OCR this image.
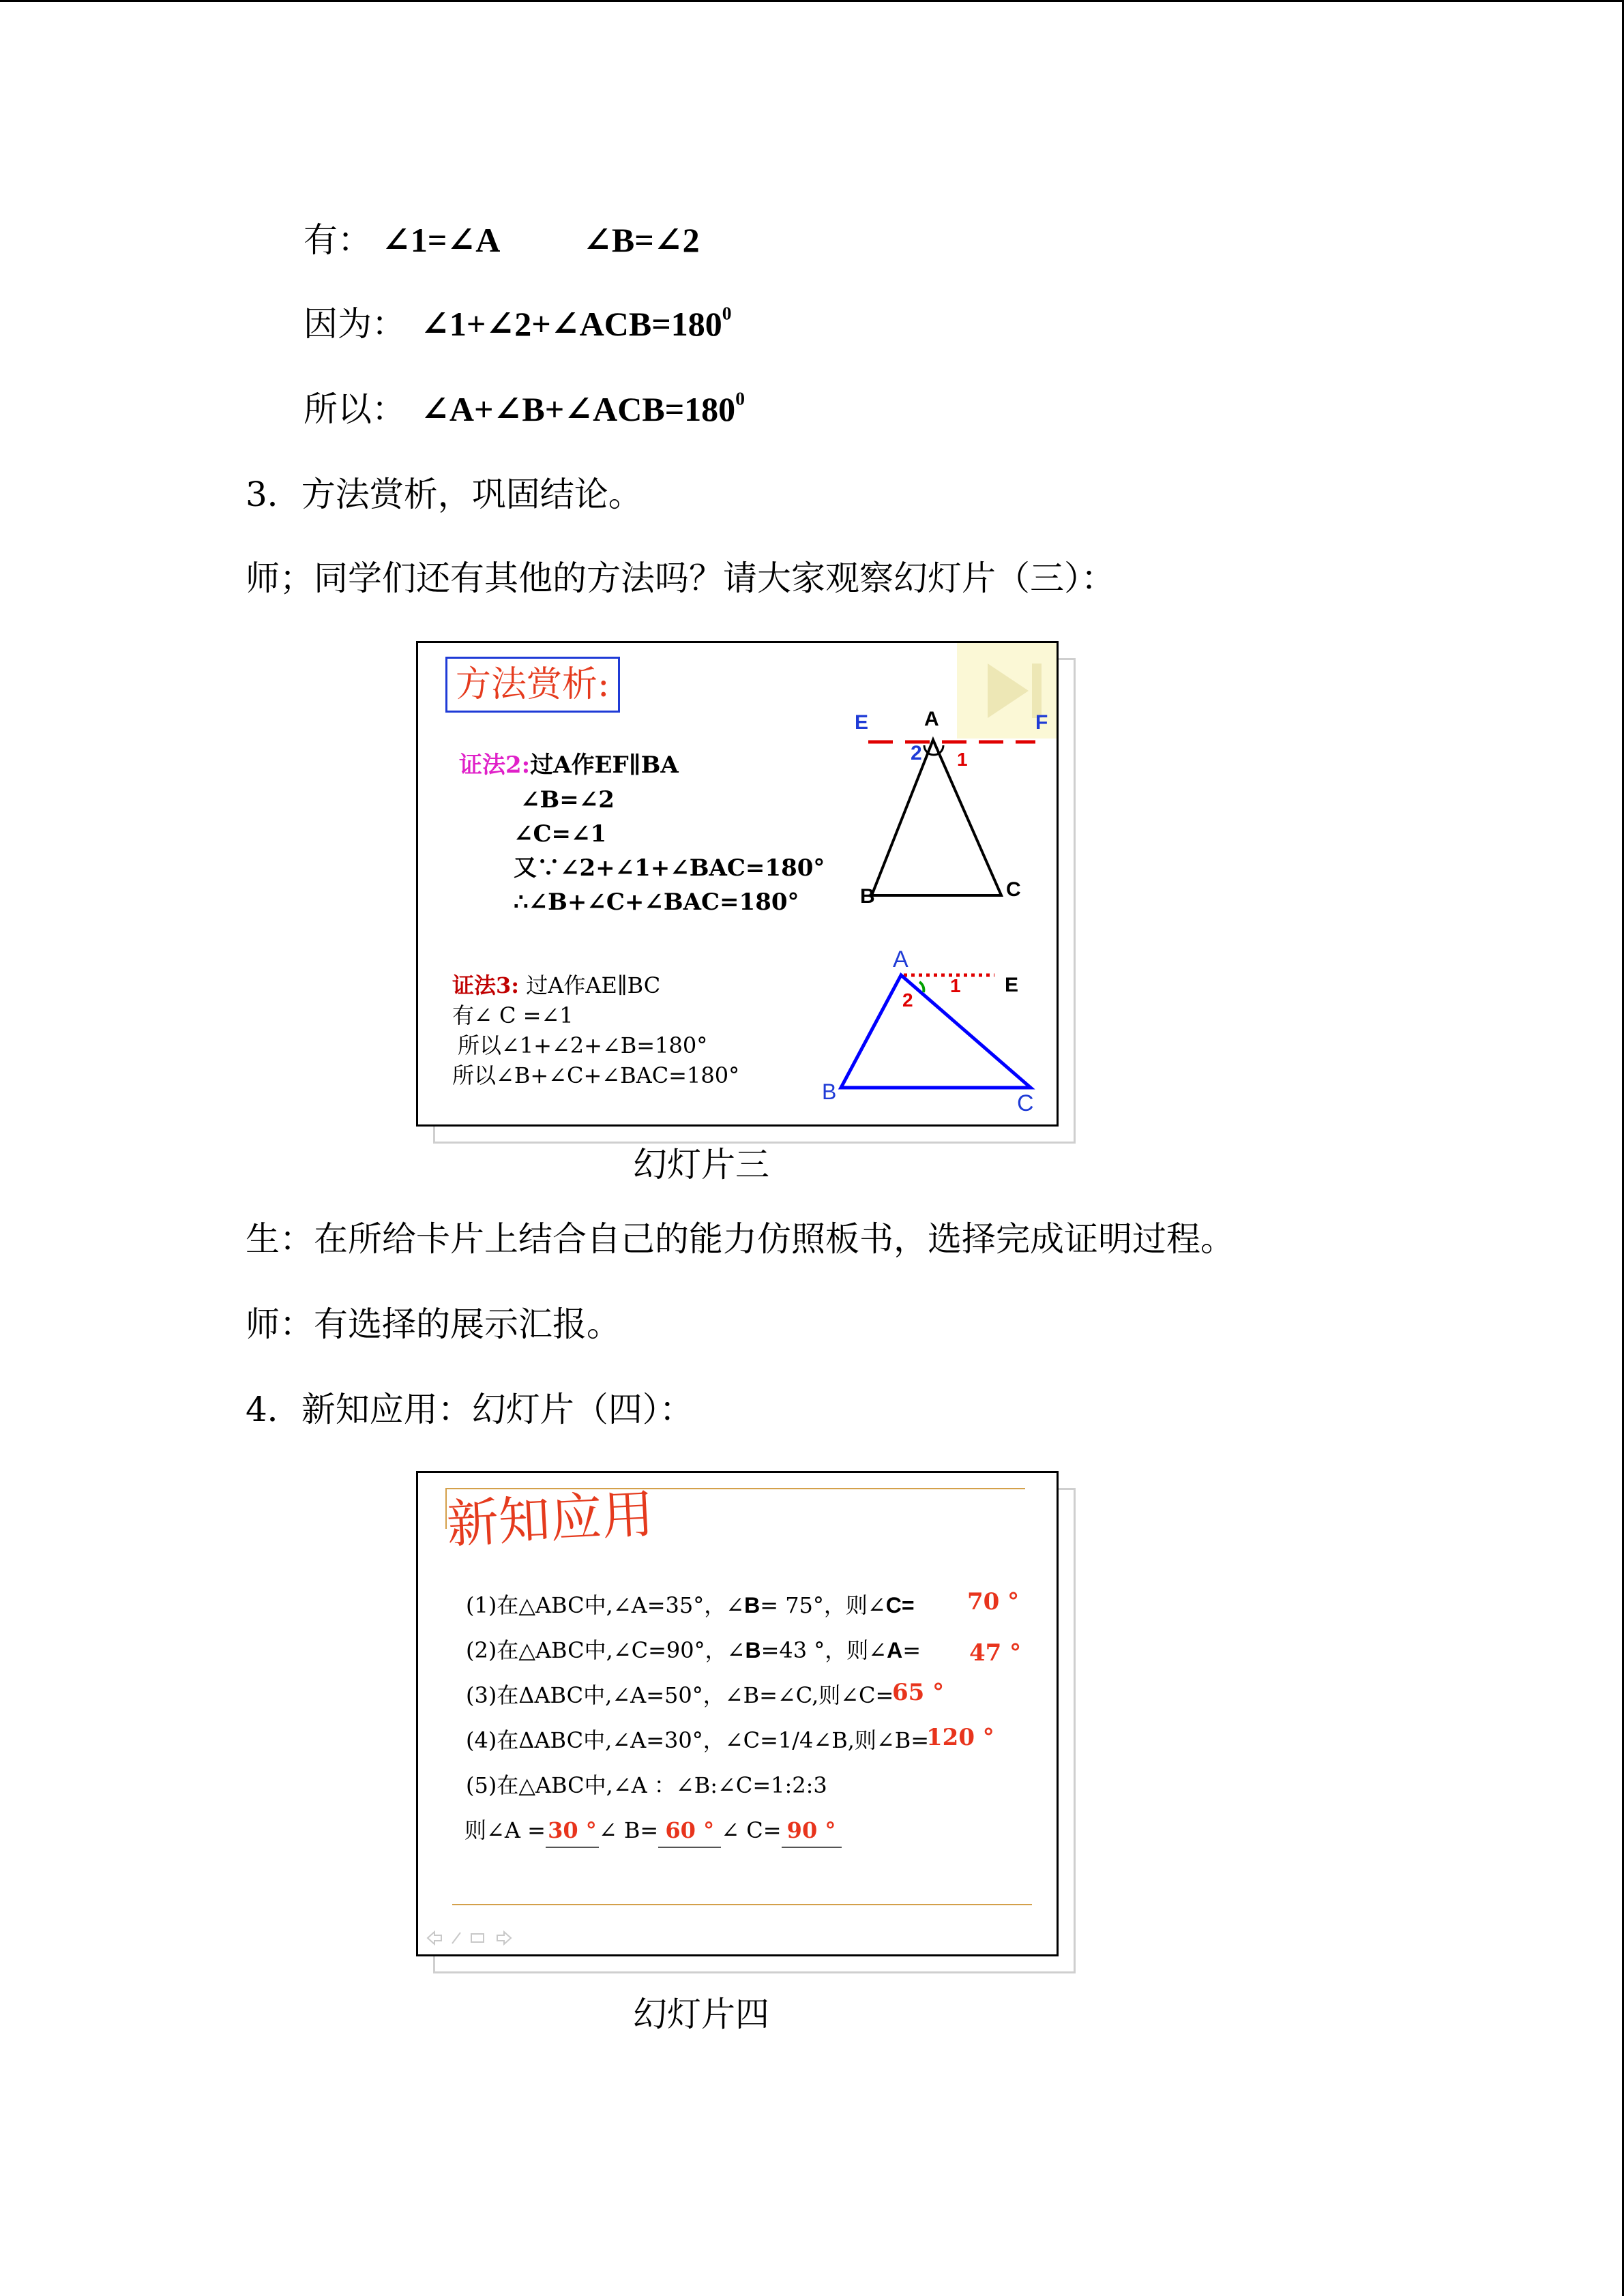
有： ∠1=∠A ∠B=∠2
因为： $\angle 1+\angle 2+\angle ACB=180^0$
所以： $\angle A+\angle B+\angle ACB=180^0$
3．方法赏析，巩固结论。
师；同学们还有其他的方法吗？请大家观察幻灯片（三）：
方法赏析:
证法2:过A作EF∥BA
∠B=∠2
∠C=∠1
又∵∠2+∠1+∠BAC=180°
∴∠B+∠C+∠BAC=180°
E	A	F
2 1
B	C
证法3: 过A作AE∥BC
有∠ C =∠1
所以∠1+∠2+∠B=180°
所以∠B+∠C+∠BAC=180°
A
2
1 E
B	C
幻灯片三
生：在所给卡片上结合自己的能力仿照板书，选择完成证明过程。
师：有选择的展示汇报。
4．新知应用：幻灯片（四）：
新知应用
(1)在△ABC中,∠A=35°，∠B= 75°，则∠C= 70 °
(2)在△ABC中,∠C=90°，∠B=43 °，则∠A= 47 °
(3)在ΔABC中,∠A=50°，∠B=∠C,则∠C=
65 °
(4)在ΔABC中,∠A=30°，∠C=1/4∠B,则∠B=
120 °
(5)在△ABC中,∠A ：∠B:∠C=1:2:3
则∠A =30 °∠ B= 60 ° ∠ C= 90 °
幻灯片四
